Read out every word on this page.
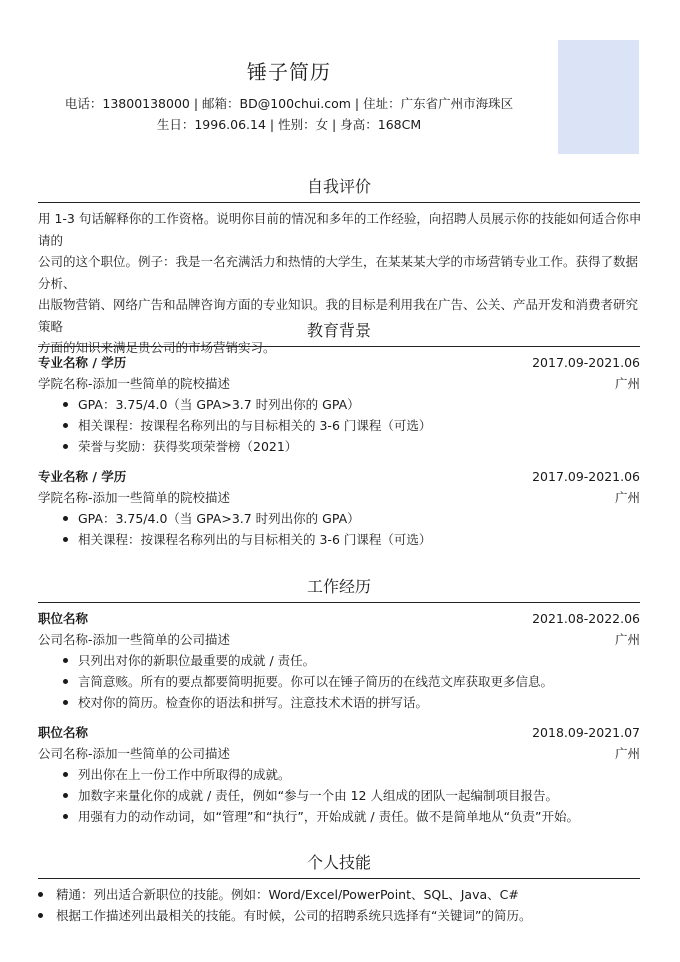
锤子简历
电话：13800138000 | 邮箱：BD@100chui.com | 住址：广东省广州市海珠区
生日：1996.06.14 | 性别：女 | 身高：168CM
自我评价
用 1-3 句话解释你的工作资格。说明你目前的情况和多年的工作经验，向招聘人员展示你的技能如何适合你申请的
公司的这个职位。例子：我是一名充满活力和热情的大学生，在某某某大学的市场营销专业工作。获得了数据分析、
出版物营销、网络广告和品牌咨询方面的专业知识。我的目标是利用我在广告、公关、产品开发和消费者研究策略
方面的知识来满足贵公司的市场营销实习。
教育背景
专业名称 / 学历	2017.09-2021.06
学院名称-添加一些简单的院校描述	广州
GPA：3.75/4.0（当 GPA>3.7 时列出你的 GPA）
相关课程：按课程名称列出的与目标相关的 3-6 门课程（可选）
荣誉与奖励：获得奖项荣誉榜（2021）
专业名称 / 学历	2017.09-2021.06
学院名称-添加一些简单的院校描述	广州
GPA：3.75/4.0（当 GPA>3.7 时列出你的 GPA）
相关课程：按课程名称列出的与目标相关的 3-6 门课程（可选）
工作经历
职位名称	2021.08-2022.06
公司名称-添加一些简单的公司描述	广州
只列出对你的新职位最重要的成就 / 责任。
言简意赅。所有的要点都要简明扼要。你可以在锤子简历的在线范文库获取更多信息。
校对你的简历。检查你的语法和拼写。注意技术术语的拼写话。
职位名称	2018.09-2021.07
公司名称-添加一些简单的公司描述	广州
列出你在上一份工作中所取得的成就。
加数字来量化你的成就 / 责任，例如“参与一个由 12 人组成的团队一起编制项目报告。
用强有力的动作动词，如“管理”和“执行”，开始成就 / 责任。做不是简单地从“负责”开始。
个人技能
精通：列出适合新职位的技能。例如：Word/Excel/PowerPoint、SQL、Java、C#
根据工作描述列出最相关的技能。有时候，公司的招聘系统只选择有“关键词”的简历。
